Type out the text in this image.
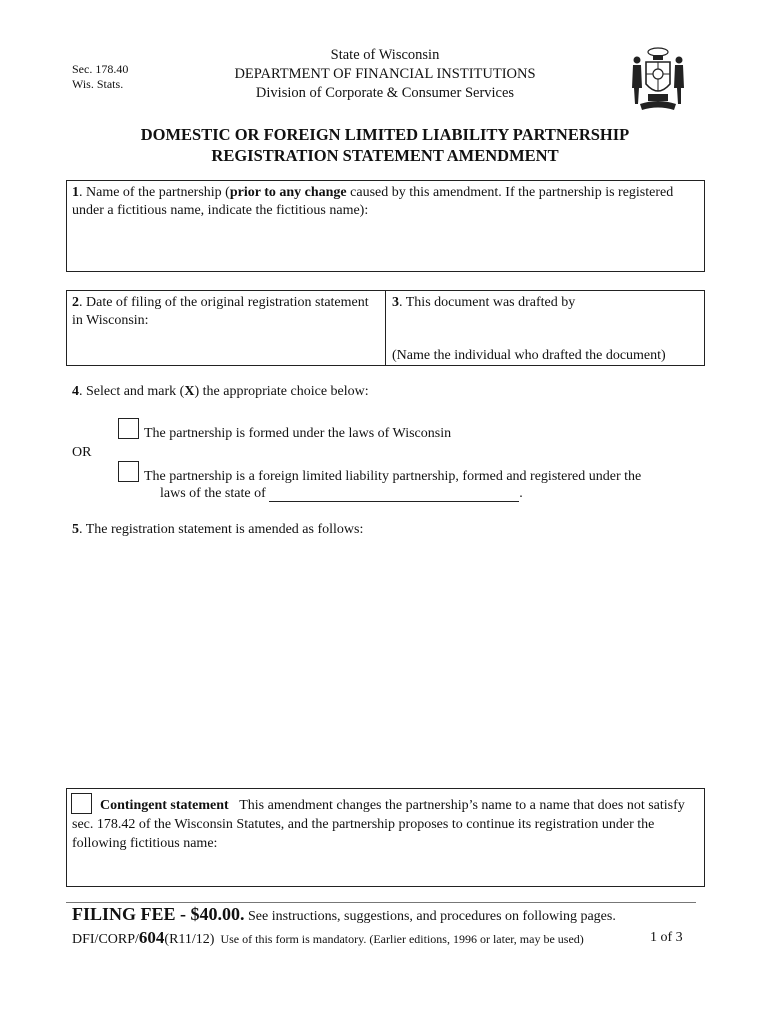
Sec. 178.40
Wis. Stats.
State of Wisconsin
DEPARTMENT OF FINANCIAL INSTITUTIONS
Division of Corporate & Consumer Services
DOMESTIC OR FOREIGN LIMITED LIABILITY PARTNERSHIP
REGISTRATION STATEMENT AMENDMENT
1. Name of the partnership (prior to any change caused by this amendment. If the partnership is registered under a fictitious name, indicate the fictitious name):
2. Date of filing of the original registration statement in Wisconsin:
3. This document was drafted by
(Name the individual who drafted the document)
4. Select and mark (X) the appropriate choice below:
The partnership is formed under the laws of Wisconsin
OR
The partnership is a foreign limited liability partnership, formed and registered under the
laws of the state of	.
5. The registration statement is amended as follows:
Contingent statement This amendment changes the partnership’s name to a name that does not satisfy sec. 178.42 of the Wisconsin Statutes, and the partnership proposes to continue its registration under the following fictitious name:
FILING FEE - $40.00. See instructions, suggestions, and procedures on following pages.
DFI/CORP/604(R11/12) Use of this form is mandatory. (Earlier editions, 1996 or later, may be used)	1 of 3
